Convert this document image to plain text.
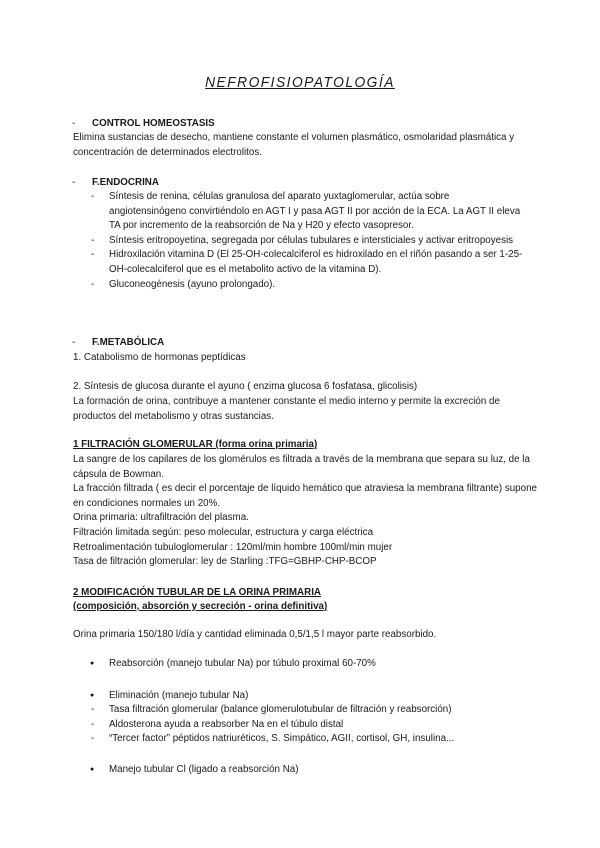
NEFROFISIOPATOLOGÍA
- CONTROL HOMEOSTASIS

Elimina sustancias de desecho, mantiene constante el volumen plasmático, osmolaridad plasmática y concentración de determinados electrolitos.

- F.ENDOCRINA
- Síntesis de renina, células granulosa del aparato yuxtaglomerular, actúa sobre angiotensinógeno convirtiéndolo en AGT I y pasa AGT II por acción de la ECA. La AGT II eleva TA por incremento de la reabsorción de Na y H20 y efecto vasopresor.
- Síntesis eritropoyetina, segregada por células tubulares e intersticiales y activar eritropoyesis
- Hidroxilación vitamina D (El 25-OH-colecalciferol es hidroxilado en el riñón pasando a ser 1-25-OH-colecalciferol que es el metabolito activo de la vitamina D).
- Gluconeogénesis (ayuno prolongado).
- F.METABÓLICA

1. Catabolismo de hormonas peptídicas

2. Síntesis de glucosa durante el ayuno ( enzima glucosa 6 fosfatasa, glicolisis)

La formación de orina, contribuye a mantener constante el medio interno y permite la excreción de productos del metabolismo y otras sustancias.

1 FILTRACIÓN GLOMERULAR (forma orina primaria)

La sangre de los capilares de los glomérulos es filtrada a través de la membrana que separa su luz, de la cápsula de Bowman.

La fracción filtrada ( es decir el porcentaje de líquido hemático que atraviesa la membrana filtrante) supone en condiciones normales un 20%.

Orina primaria: ultrafiltración del plasma.

Filtración limitada según: peso molecular, estructura y carga eléctrica

Retroalimentación tubuloglomerular : 120ml/min hombre 100ml/min mujer

Tasa de filtración glomerular: ley de Starling :TFG=GBHP-CHP-BCOP

2 MODIFICACIÓN TUBULAR DE LA ORINA PRIMARIA

(composición, absorción y secreción - orina definitiva)

Orina primaria 150/180 l/día y cantidad eliminada 0,5/1,5 l mayor parte reabsorbido.

● Reabsorción (manejo tubular Na) por túbulo proximal 60-70%
● Eliminación (manejo tubular Na)
- Tasa filtración glomerular (balance glomerulotubular de filtración y reabsorción)
- Aldosterona ayuda a reabsorber Na en el túbulo distal
- “Tercer factor” péptidos natriuréticos, S. Simpático, AGII, cortisol, GH, insulina...
● Manejo tubular Cl (ligado a reabsorción Na)
